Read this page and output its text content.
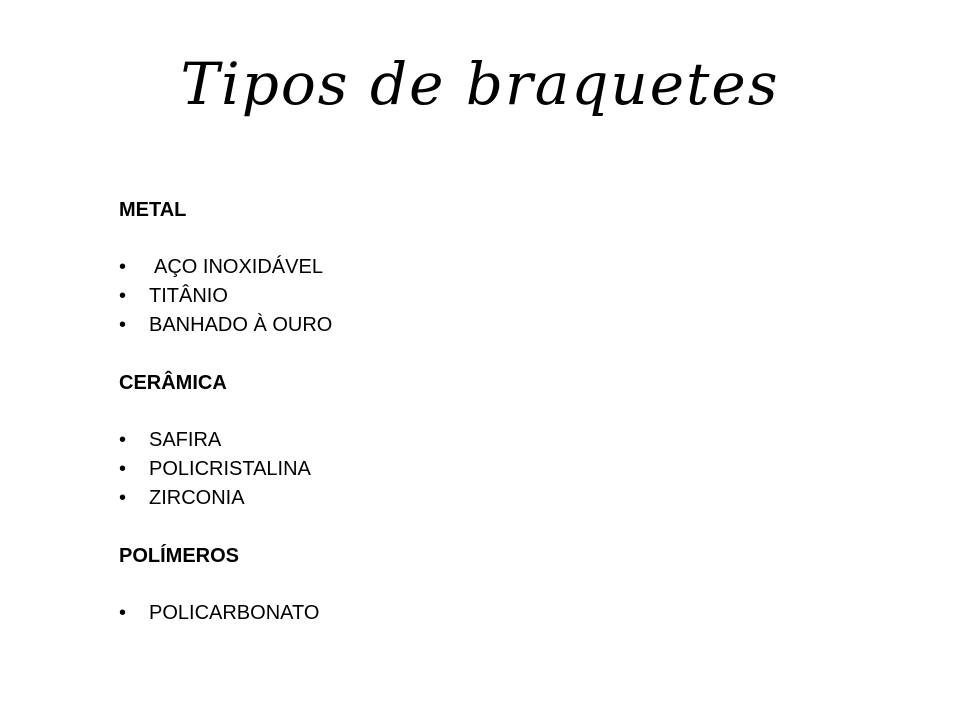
Tipos de braquetes
METAL
•	AÇO INOXIDÁVEL
•	TITÂNIO
•	BANHADO À OURO
CERÂMICA
•	SAFIRA
•	POLICRISTALINA
•	ZIRCONIA
POLÍMEROS
•	POLICARBONATO
